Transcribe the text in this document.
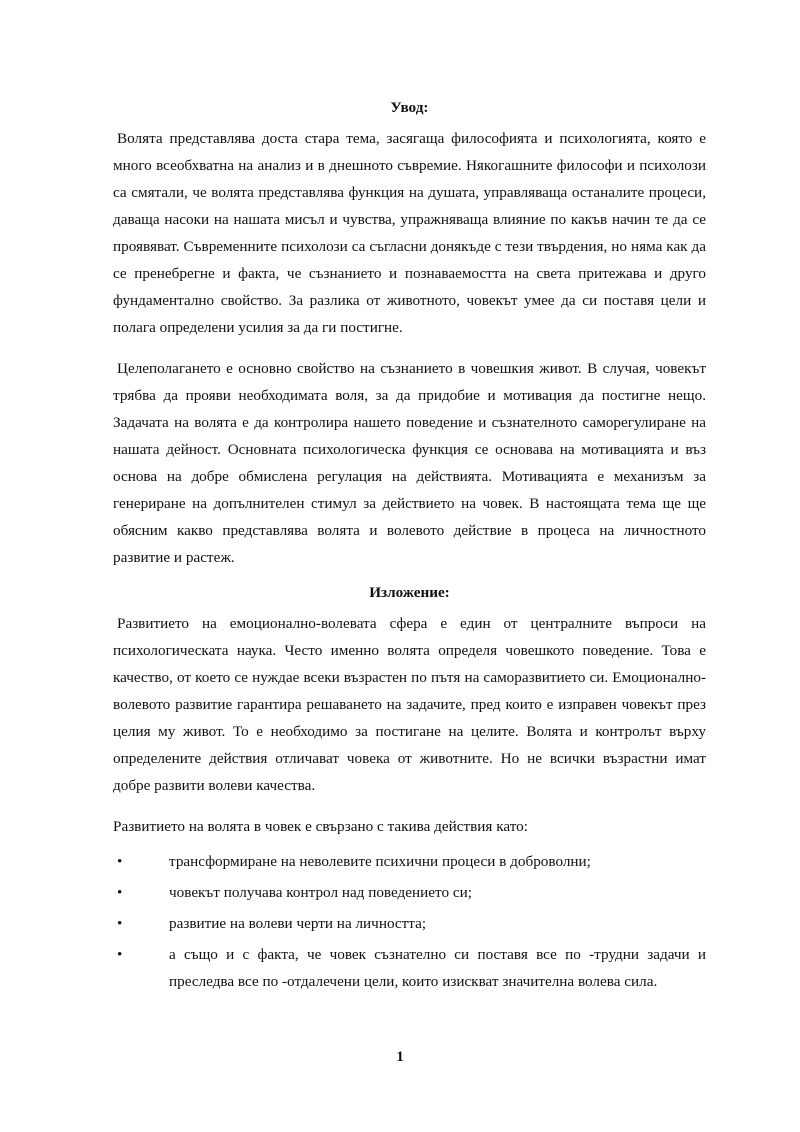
Увод:

Волята представлява доста стара тема, засягаща философията и психологията, която е много всеобхватна на анализ и в днешното съвремие. Някогашните философи и психолози са смятали, че волята представлява функция на душата, управляваща останалите процеси, даваща насоки на нашата мисъл и чувства, упражняваща влияние по какъв начин те да се проявяват. Съвременните психолози са съгласни донякъде с тези твърдения, но няма как да се пренебрегне и факта, че съзнанието и познаваемостта на света притежава и друго фундаментално свойство. За разлика от животното, човекът умее да си поставя цели и полага определени усилия за да ги постигне.

Целеполагането е основно свойство на съзнанието в човешкия живот. В случая, човекът трябва да прояви необходимата воля, за да придобие и мотивация да постигне нещо. Задачата на волята е да контролира нашето поведение и съзнателното саморегулиране на нашата дейност. Основната психологическа функция се основава на мотивацията и въз основа на добре обмислена регулация на действията. Мотивацията е механизъм за генериране на допълнителен стимул за действието на човек. В настоящата тема ще ще обясним какво представлява волята и волевото действие в процеса на личностното развитие и растеж.

Изложение:

Развитието на емоционално-волевата сфера е един от централните въпроси на психологическата наука. Често именно волята определя човешкото поведение. Това е качество, от което се нуждае всеки възрастен по пътя на саморазвитието си. Емоционално-волевото развитие гарантира решаването на задачите, пред които е изправен човекът през целия му живот. То е необходимо за постигане на целите. Волята и контролът върху определените действия отличават човека от животните. Но не всички възрастни имат добре развити волеви качества.

Развитието на волята в човек е свързано с такива действия като:

•	трансформиране на неволевите психични процеси в доброволни;
•	човекът получава контрол над поведението си;
•	развитие на волеви черти на личността;
•	а също и с факта, че човек съзнателно си поставя все по -трудни задачи и преследва все по -отдалечени цели, които изискват значителна волева сила.
1
